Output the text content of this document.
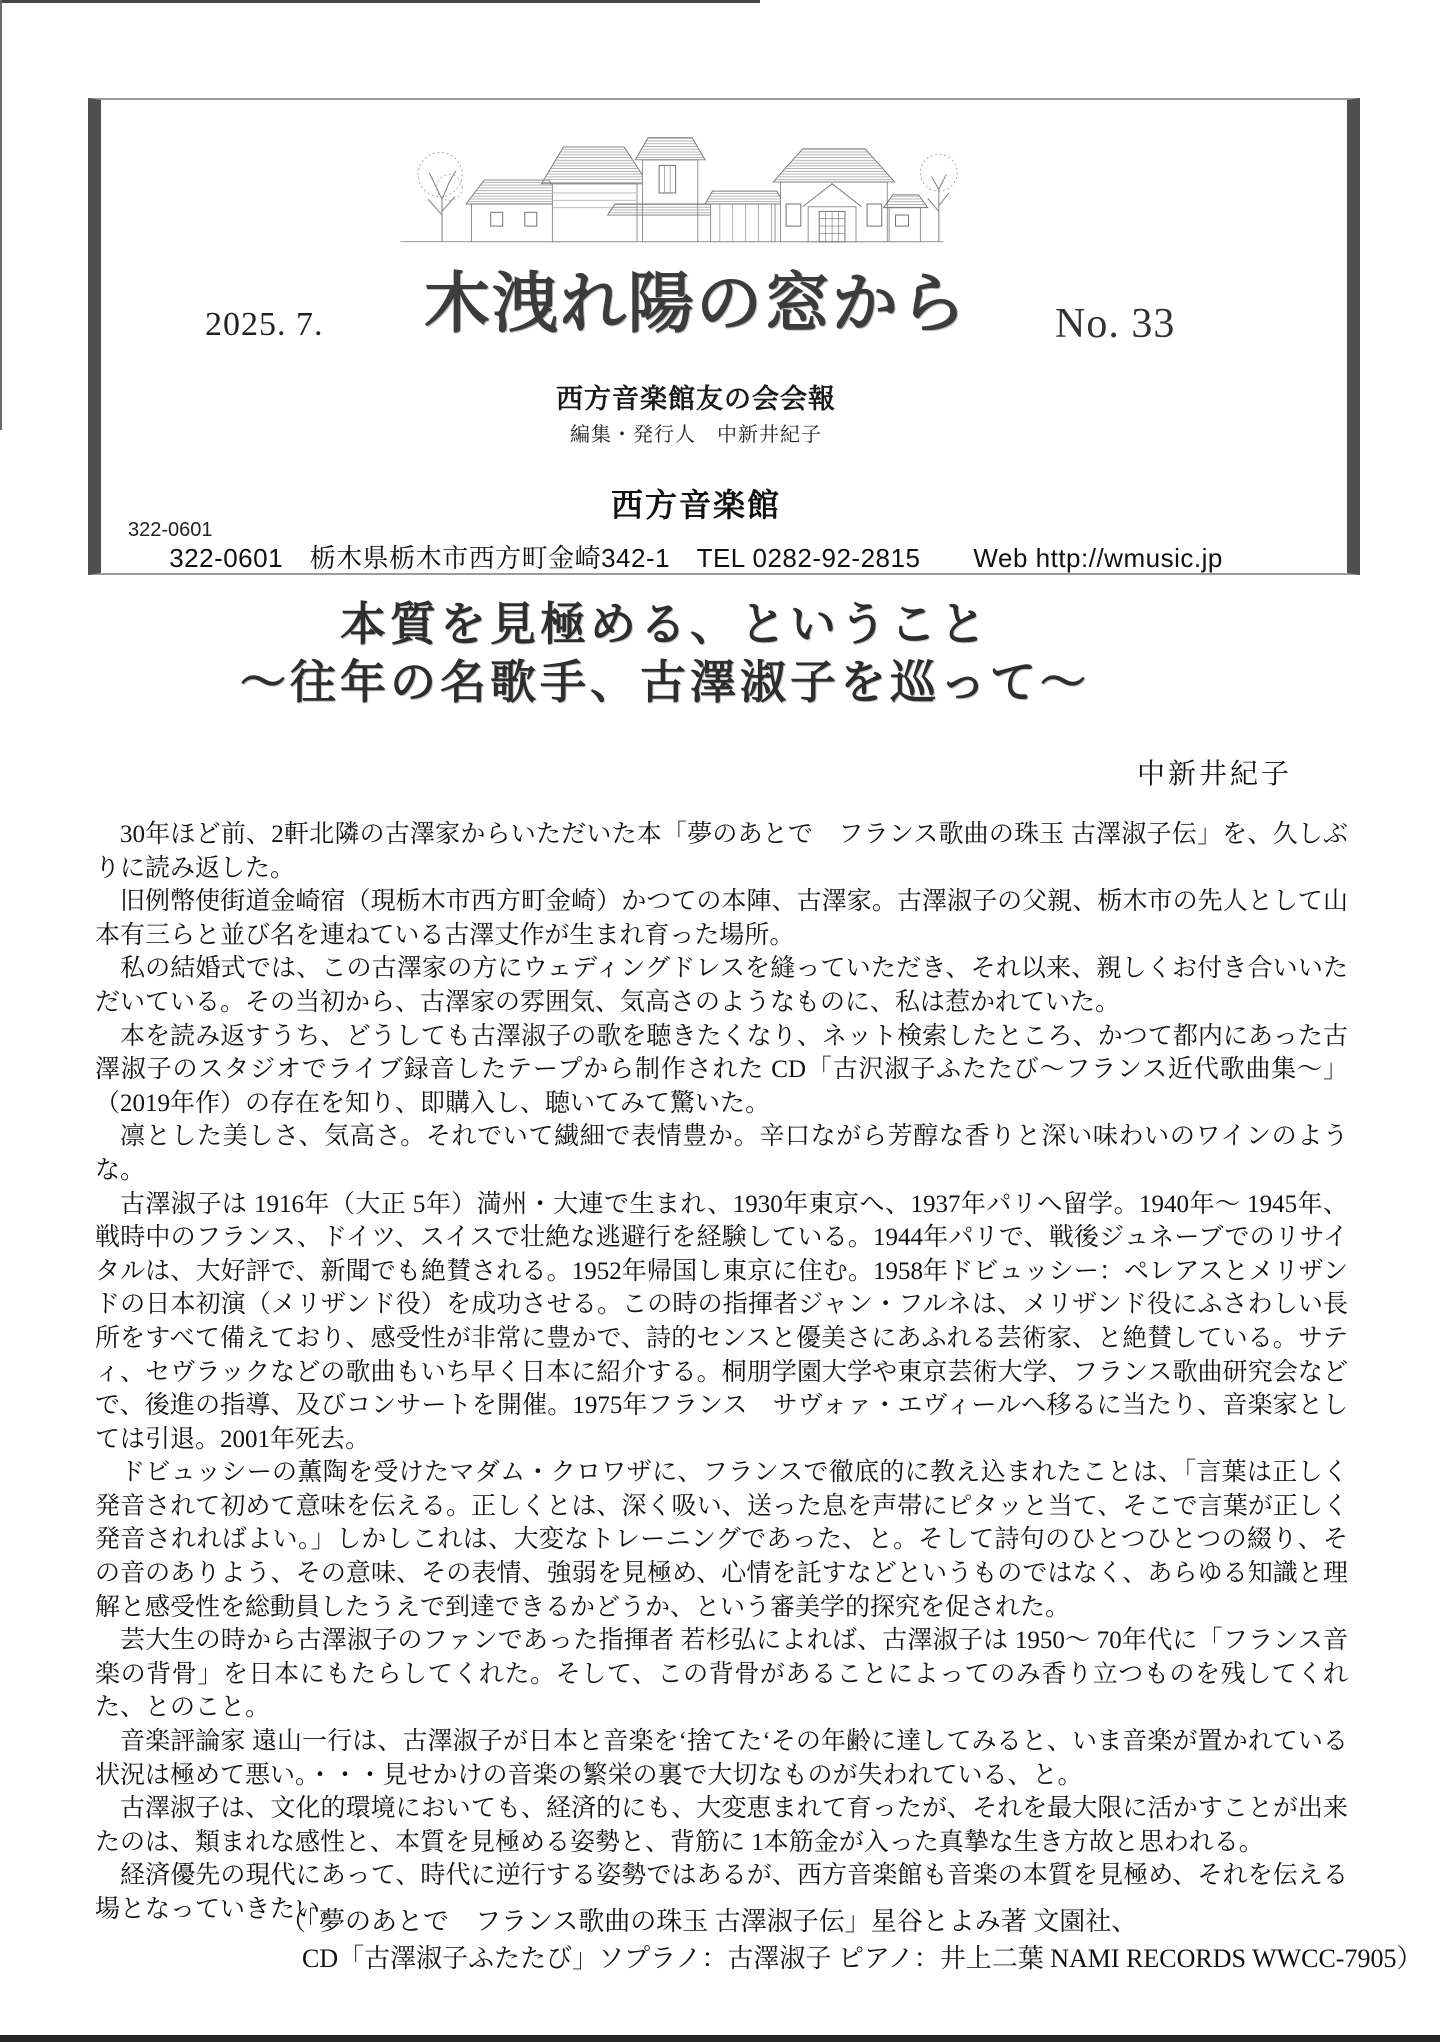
2025. 7.	木洩れ陽の窓から	No. 33
西方音楽館友の会会報
編集・発行人　中新井紀子
西方音楽館
322-0601
322-0601　栃木県栃木市西方町金崎342-1　TEL 0282-92-2815　　Web http://wmusic.jp
本質を見極める、ということ
〜往年の名歌手、古澤淑子を巡って〜
中新井紀子

30年ほど前、2軒北隣の古澤家からいただいた本「夢のあとで　フランス歌曲の珠玉 古澤淑子伝」を、久しぶりに読み返した。

旧例幣使街道金崎宿（現栃木市西方町金崎）かつての本陣、古澤家。古澤淑子の父親、栃木市の先人として山本有三らと並び名を連ねている古澤丈作が生まれ育った場所。

私の結婚式では、この古澤家の方にウェディングドレスを縫っていただき、それ以来、親しくお付き合いいただいている。その当初から、古澤家の雰囲気、気高さのようなものに、私は惹かれていた。

本を読み返すうち、どうしても古澤淑子の歌を聴きたくなり、ネット検索したところ、かつて都内にあった古澤淑子のスタジオでライブ録音したテープから制作された CD「古沢淑子ふたたび〜フランス近代歌曲集〜」（2019年作）の存在を知り、即購入し、聴いてみて驚いた。

凛とした美しさ、気高さ。それでいて繊細で表情豊か。辛口ながら芳醇な香りと深い味わいのワインのような。

古澤淑子は 1916年（大正 5年）満州・大連で生まれ、1930年東京へ、1937年パリへ留学。1940年〜 1945年、戦時中のフランス、ドイツ、スイスで壮絶な逃避行を経験している。1944年パリで、戦後ジュネーブでのリサイタルは、大好評で、新聞でも絶賛される。1952年帰国し東京に住む。1958年ドビュッシー：ペレアスとメリザンドの日本初演（メリザンド役）を成功させる。この時の指揮者ジャン・フルネは、メリザンド役にふさわしい長所をすべて備えており、感受性が非常に豊かで、詩的センスと優美さにあふれる芸術家、と絶賛している。サティ、セヴラックなどの歌曲もいち早く日本に紹介する。桐朋学園大学や東京芸術大学、フランス歌曲研究会などで、後進の指導、及びコンサートを開催。1975年フランス　サヴォァ・エヴィールへ移るに当たり、音楽家としては引退。2001年死去。

ドビュッシーの薫陶を受けたマダム・クロワザに、フランスで徹底的に教え込まれたことは、「言葉は正しく発音されて初めて意味を伝える。正しくとは、深く吸い、送った息を声帯にピタッと当て、そこで言葉が正しく発音されればよい。」しかしこれは、大変なトレーニングであった、と。そして詩句のひとつひとつの綴り、その音のありよう、その意味、その表情、強弱を見極め、心情を託すなどというものではなく、あらゆる知識と理解と感受性を総動員したうえで到達できるかどうか、という審美学的探究を促された。

芸大生の時から古澤淑子のファンであった指揮者 若杉弘によれば、古澤淑子は 1950〜 70年代に「フランス音楽の背骨」を日本にもたらしてくれた。そして、この背骨があることによってのみ香り立つものを残してくれた、とのこと。

音楽評論家 遠山一行は、古澤淑子が日本と音楽を‘捨てた‘その年齢に達してみると、いま音楽が置かれている状況は極めて悪い。・・・見せかけの音楽の繁栄の裏で大切なものが失われている、と。

古澤淑子は、文化的環境においても、経済的にも、大変恵まれて育ったが、それを最大限に活かすことが出来たのは、類まれな感性と、本質を見極める姿勢と、背筋に 1本筋金が入った真摯な生き方故と思われる。

経済優先の現代にあって、時代に逆行する姿勢ではあるが、西方音楽館も音楽の本質を見極め、それを伝える場となっていきたい。

（「夢のあとで　フランス歌曲の珠玉 古澤淑子伝」星谷とよみ著 文園社、
CD「古澤淑子ふたたび」ソプラノ：古澤淑子 ピアノ：井上二葉 NAMI RECORDS WWCC-7905）
